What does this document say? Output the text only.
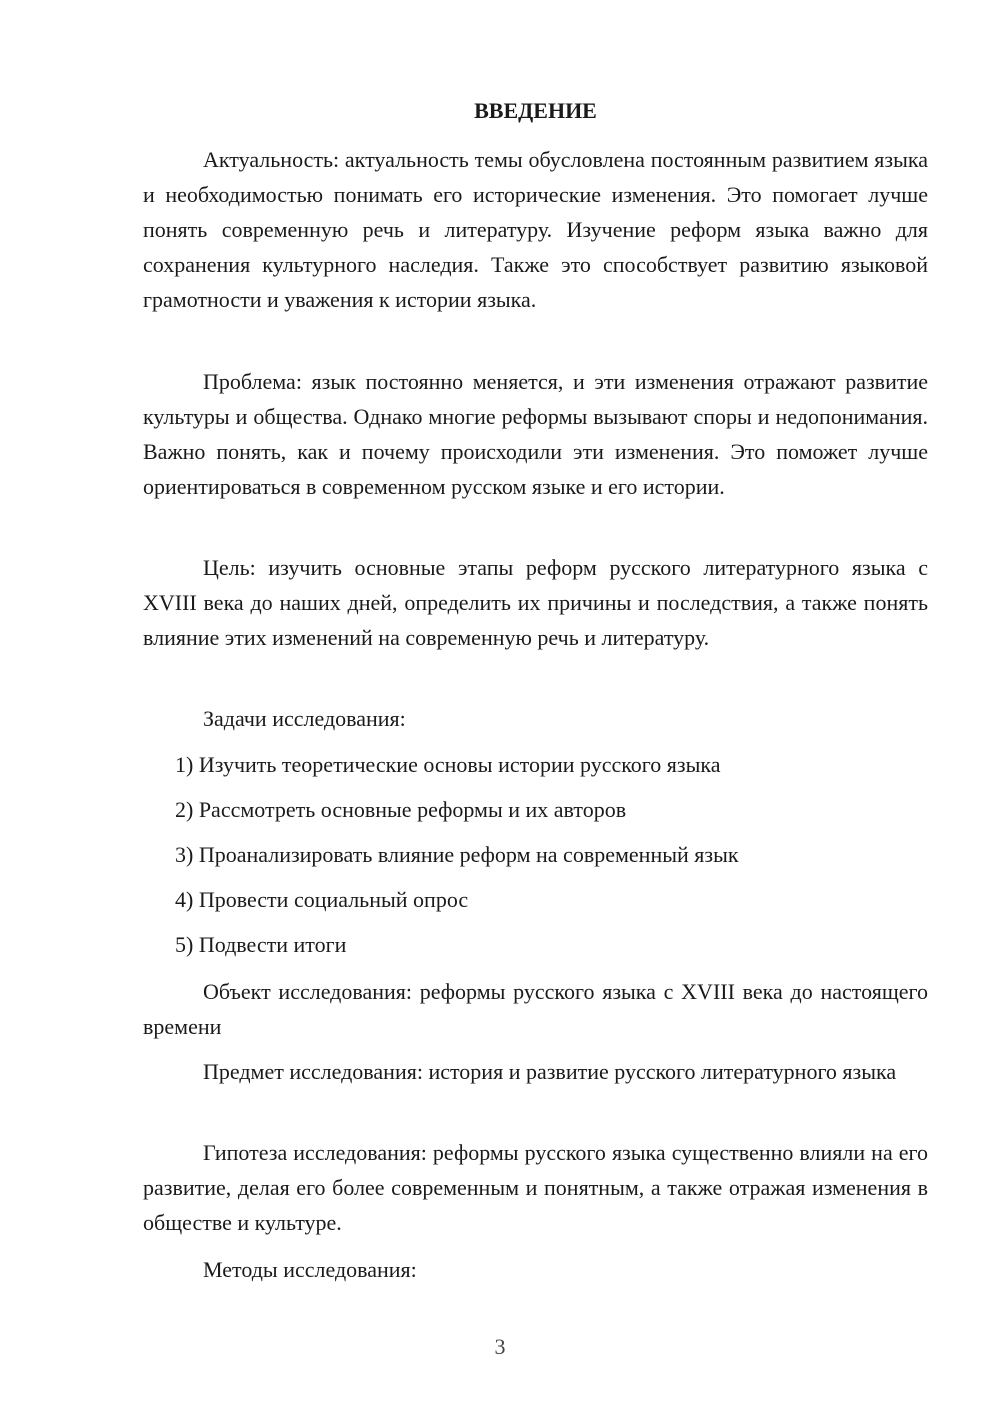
ВВЕДЕНИЕ

Актуальность: актуальность темы обусловлена постоянным развитием языка и необходимостью понимать его исторические изменения. Это помогает лучше понять современную речь и литературу. Изучение реформ языка важно для сохранения культурного наследия. Также это способствует развитию языковой грамотности и уважения к истории языка.

Проблема: язык постоянно меняется, и эти изменения отражают развитие культуры и общества. Однако многие реформы вызывают споры и недопонимания. Важно понять, как и почему происходили эти изменения. Это поможет лучше ориентироваться в современном русском языке и его истории.

Цель: изучить основные этапы реформ русского литературного языка с XVIII века до наших дней, определить их причины и последствия, а также понять влияние этих изменений на современную речь и литературу.

Задачи исследования:

1) Изучить теоретические основы истории русского языка

2) Рассмотреть основные реформы и их авторов

3) Проанализировать влияние реформ на современный язык

4) Провести социальный опрос

5) Подвести итоги

Объект исследования: реформы русского языка с XVIII века до настоящего времени

Предмет исследования: история и развитие русского литературного языка

Гипотеза исследования: реформы русского языка существенно влияли на его развитие, делая его более современным и понятным, а также отражая изменения в обществе и культуре.

Методы исследования:

3
